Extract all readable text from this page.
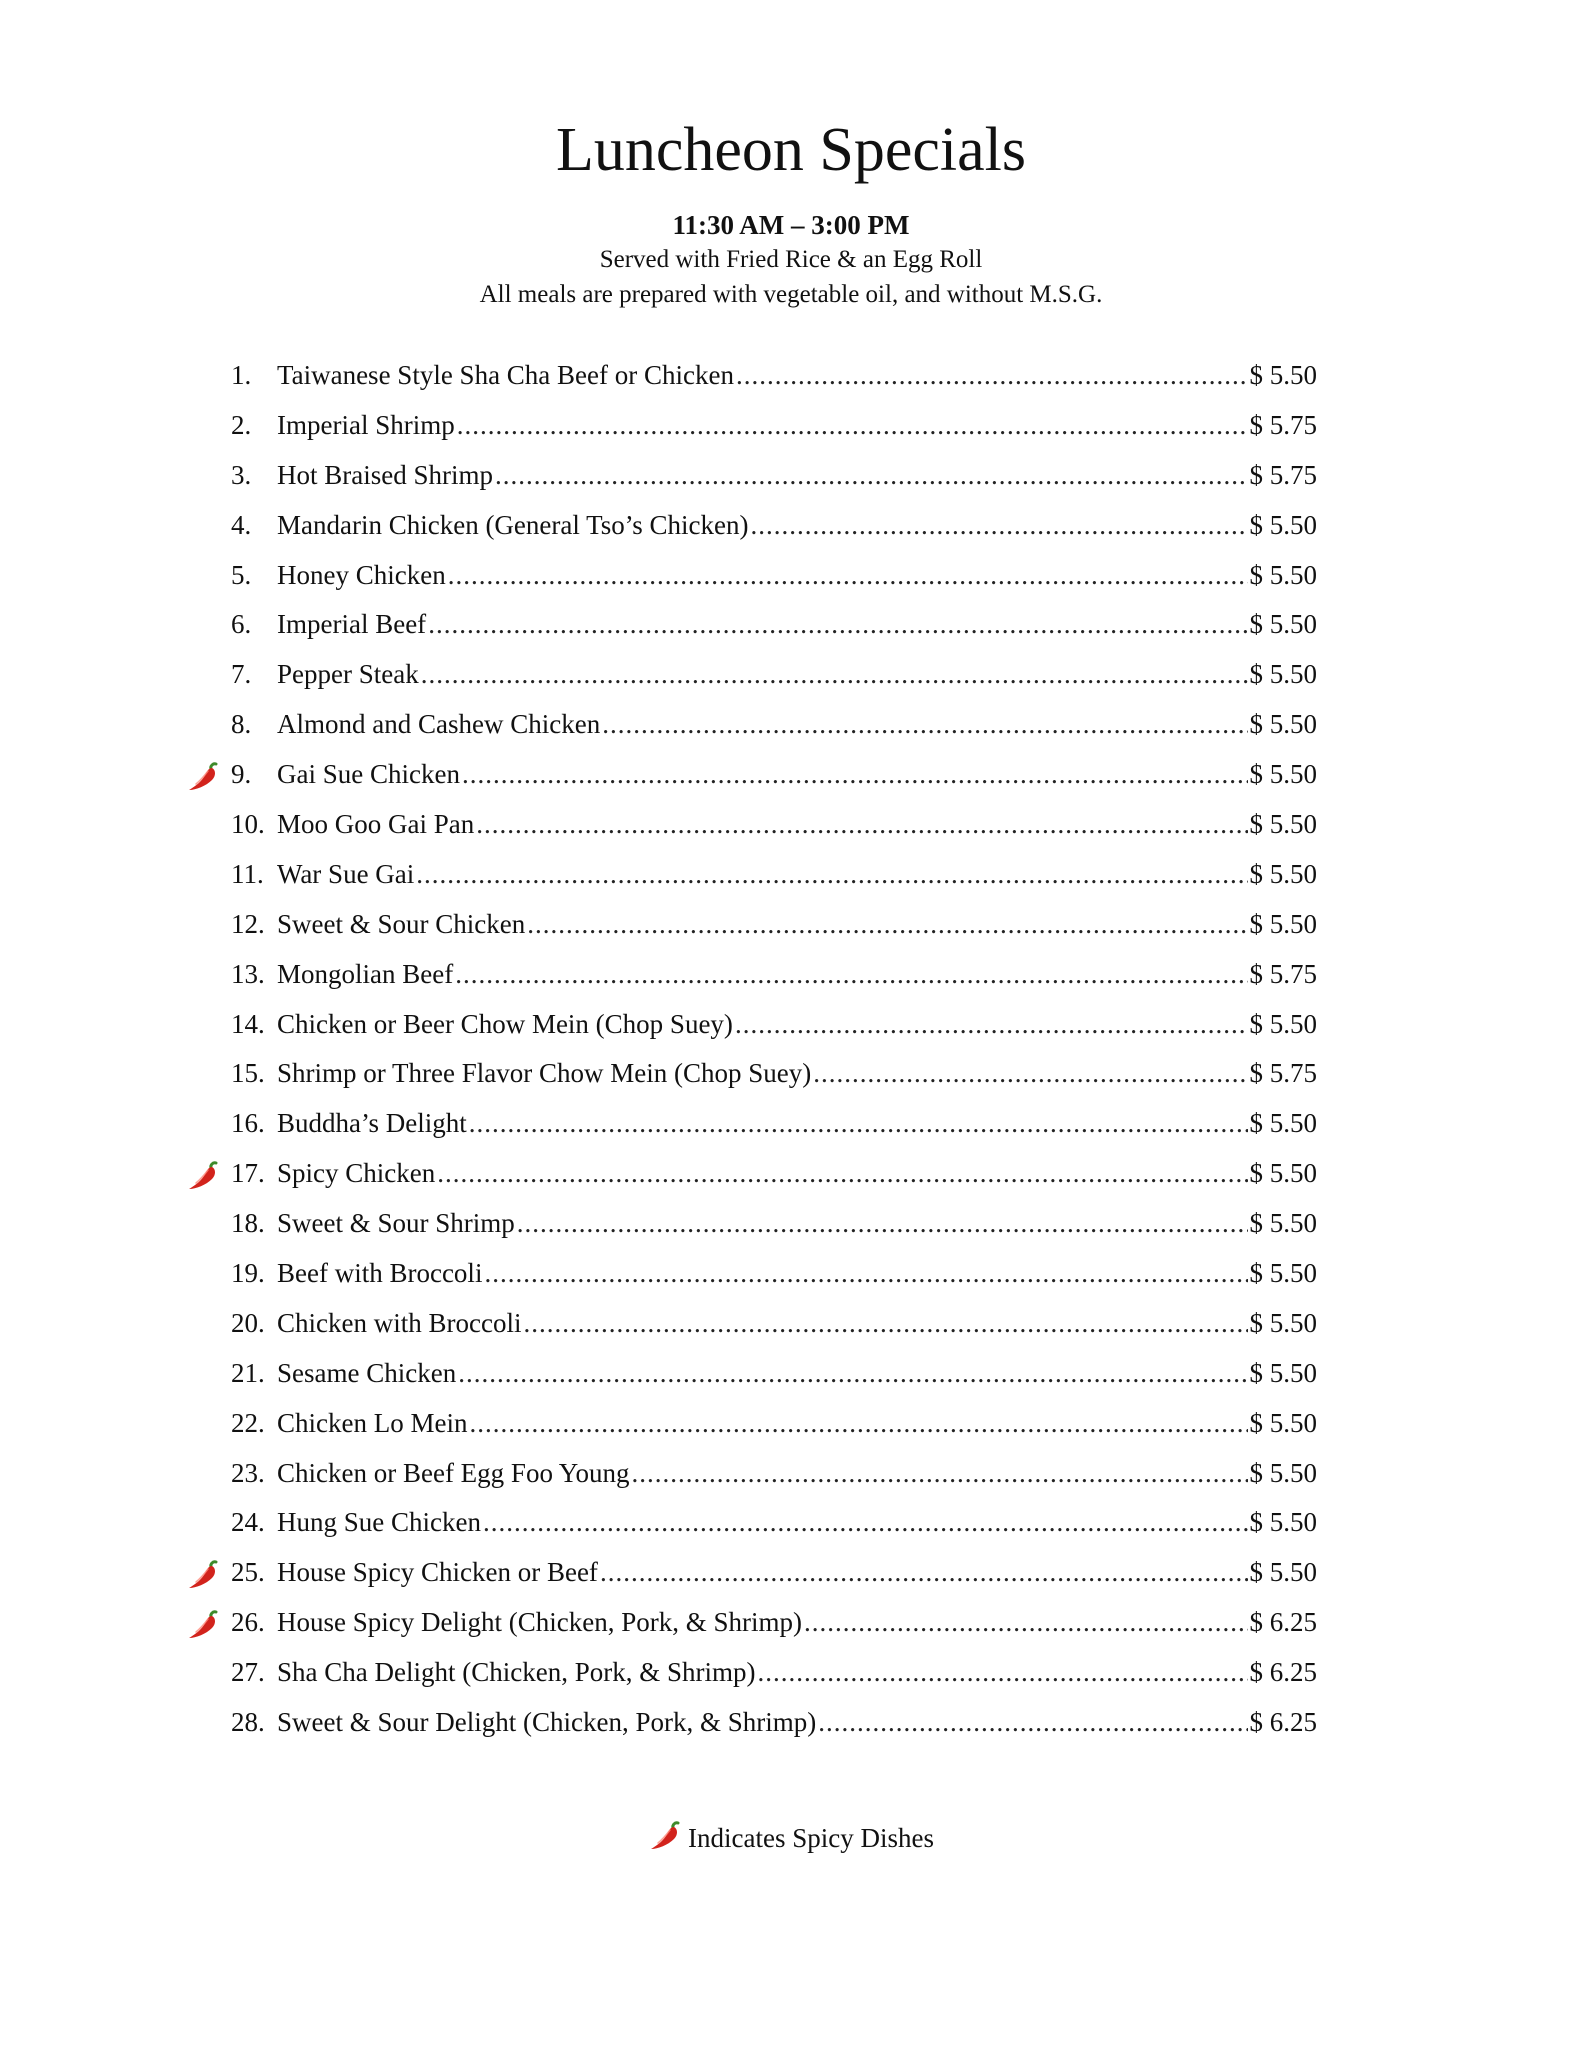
Luncheon Specials
11:30 AM – 3:00 PM
Served with Fried Rice & an Egg Roll
All meals are prepared with vegetable oil, and without M.S.G.
1. Taiwanese Style Sha Cha Beef or Chicken .....	$ 5.50
2. Imperial Shrimp .....	$ 5.75
3. Hot Braised Shrimp .....	$ 5.75
4. Mandarin Chicken (General Tso’s Chicken) .....	$ 5.50
5. Honey Chicken .....	$ 5.50
6. Imperial Beef .....	$ 5.50
7. Pepper Steak .....	$ 5.50
8. Almond and Cashew Chicken .....	$ 5.50
9. Gai Sue Chicken .....	$ 5.50
10. Moo Goo Gai Pan .....	$ 5.50
11. War Sue Gai .....	$ 5.50
12. Sweet & Sour Chicken .....	$ 5.50
13. Mongolian Beef .....	$ 5.75
14. Chicken or Beer Chow Mein (Chop Suey) .....	$ 5.50
15. Shrimp or Three Flavor Chow Mein (Chop Suey) .....	$ 5.75
16. Buddha’s Delight .....	$ 5.50
17. Spicy Chicken .....	$ 5.50
18. Sweet & Sour Shrimp .....	$ 5.50
19. Beef with Broccoli .....	$ 5.50
20. Chicken with Broccoli .....	$ 5.50
21. Sesame Chicken .....	$ 5.50
22. Chicken Lo Mein .....	$ 5.50
23. Chicken or Beef Egg Foo Young .....	$ 5.50
24. Hung Sue Chicken .....	$ 5.50
25. House Spicy Chicken or Beef .....	$ 5.50
26. House Spicy Delight (Chicken, Pork, & Shrimp) .....	$ 6.25
27. Sha Cha Delight (Chicken, Pork, & Shrimp) .....	$ 6.25
28. Sweet & Sour Delight (Chicken, Pork, & Shrimp) .....	$ 6.25
Indicates Spicy Dishes
